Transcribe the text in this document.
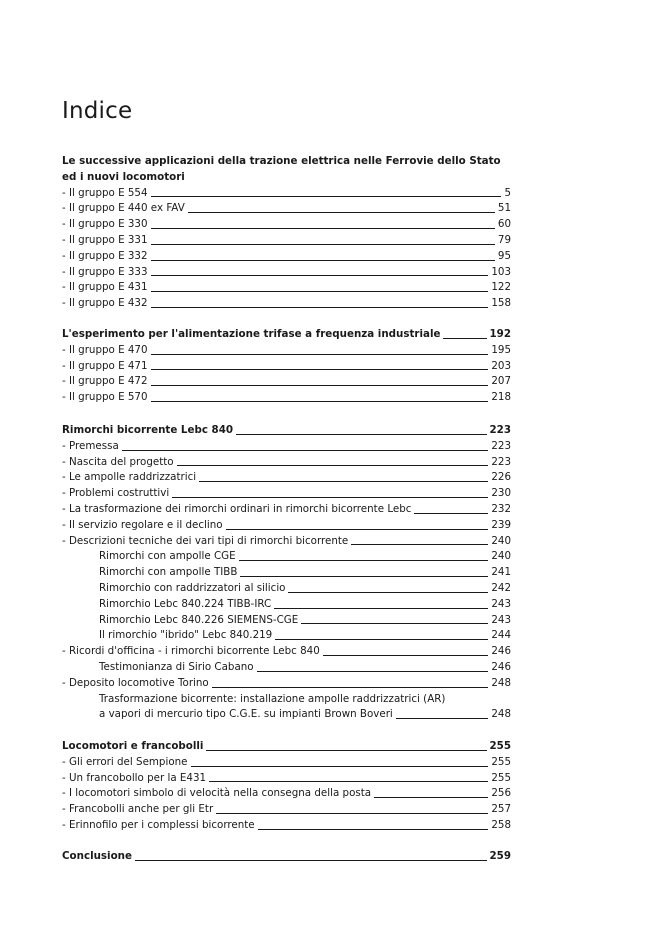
Indice
Le successive applicazioni della trazione elettrica nelle Ferrovie dello Stato
ed i nuovi locomotori
- Il gruppo E 554	5
- Il gruppo E 440 ex FAV	51
- Il gruppo E 330	60
- Il gruppo E 331	79
- Il gruppo E 332	95
- Il gruppo E 333	103
- Il gruppo E 431	122
- Il gruppo E 432	158
L'esperimento per l'alimentazione trifase a frequenza industriale	192
- Il gruppo E 470	195
- Il gruppo E 471	203
- Il gruppo E 472	207
- Il gruppo E 570	218
Rimorchi bicorrente Lebc 840	223
- Premessa	223
- Nascita del progetto	223
- Le ampolle raddrizzatrici	226
- Problemi costruttivi	230
- La trasformazione dei rimorchi ordinari in rimorchi bicorrente Lebc	232
- Il servizio regolare e il declino	239
- Descrizioni tecniche dei vari tipi di rimorchi bicorrente	240
Rimorchi con ampolle CGE	240
Rimorchi con ampolle TIBB	241
Rimorchio con raddrizzatori al silicio	242
Rimorchio Lebc 840.224 TIBB-IRC	243
Rimorchio Lebc 840.226 SIEMENS-CGE	243
Il rimorchio "ibrido" Lebc 840.219	244
- Ricordi d'officina - i rimorchi bicorrente Lebc 840	246
Testimonianza di Sirio Cabano	246
- Deposito locomotive Torino	248
Trasformazione bicorrente: installazione ampolle raddrizzatrici (AR)
a vapori di mercurio tipo C.G.E. su impianti Brown Boveri	248
Locomotori e francobolli	255
- Gli errori del Sempione	255
- Un francobollo per la E431	255
- I locomotori simbolo di velocità nella consegna della posta	256
- Francobolli anche per gli Etr	257
- Erinnofilo per i complessi bicorrente	258
Conclusione	259
